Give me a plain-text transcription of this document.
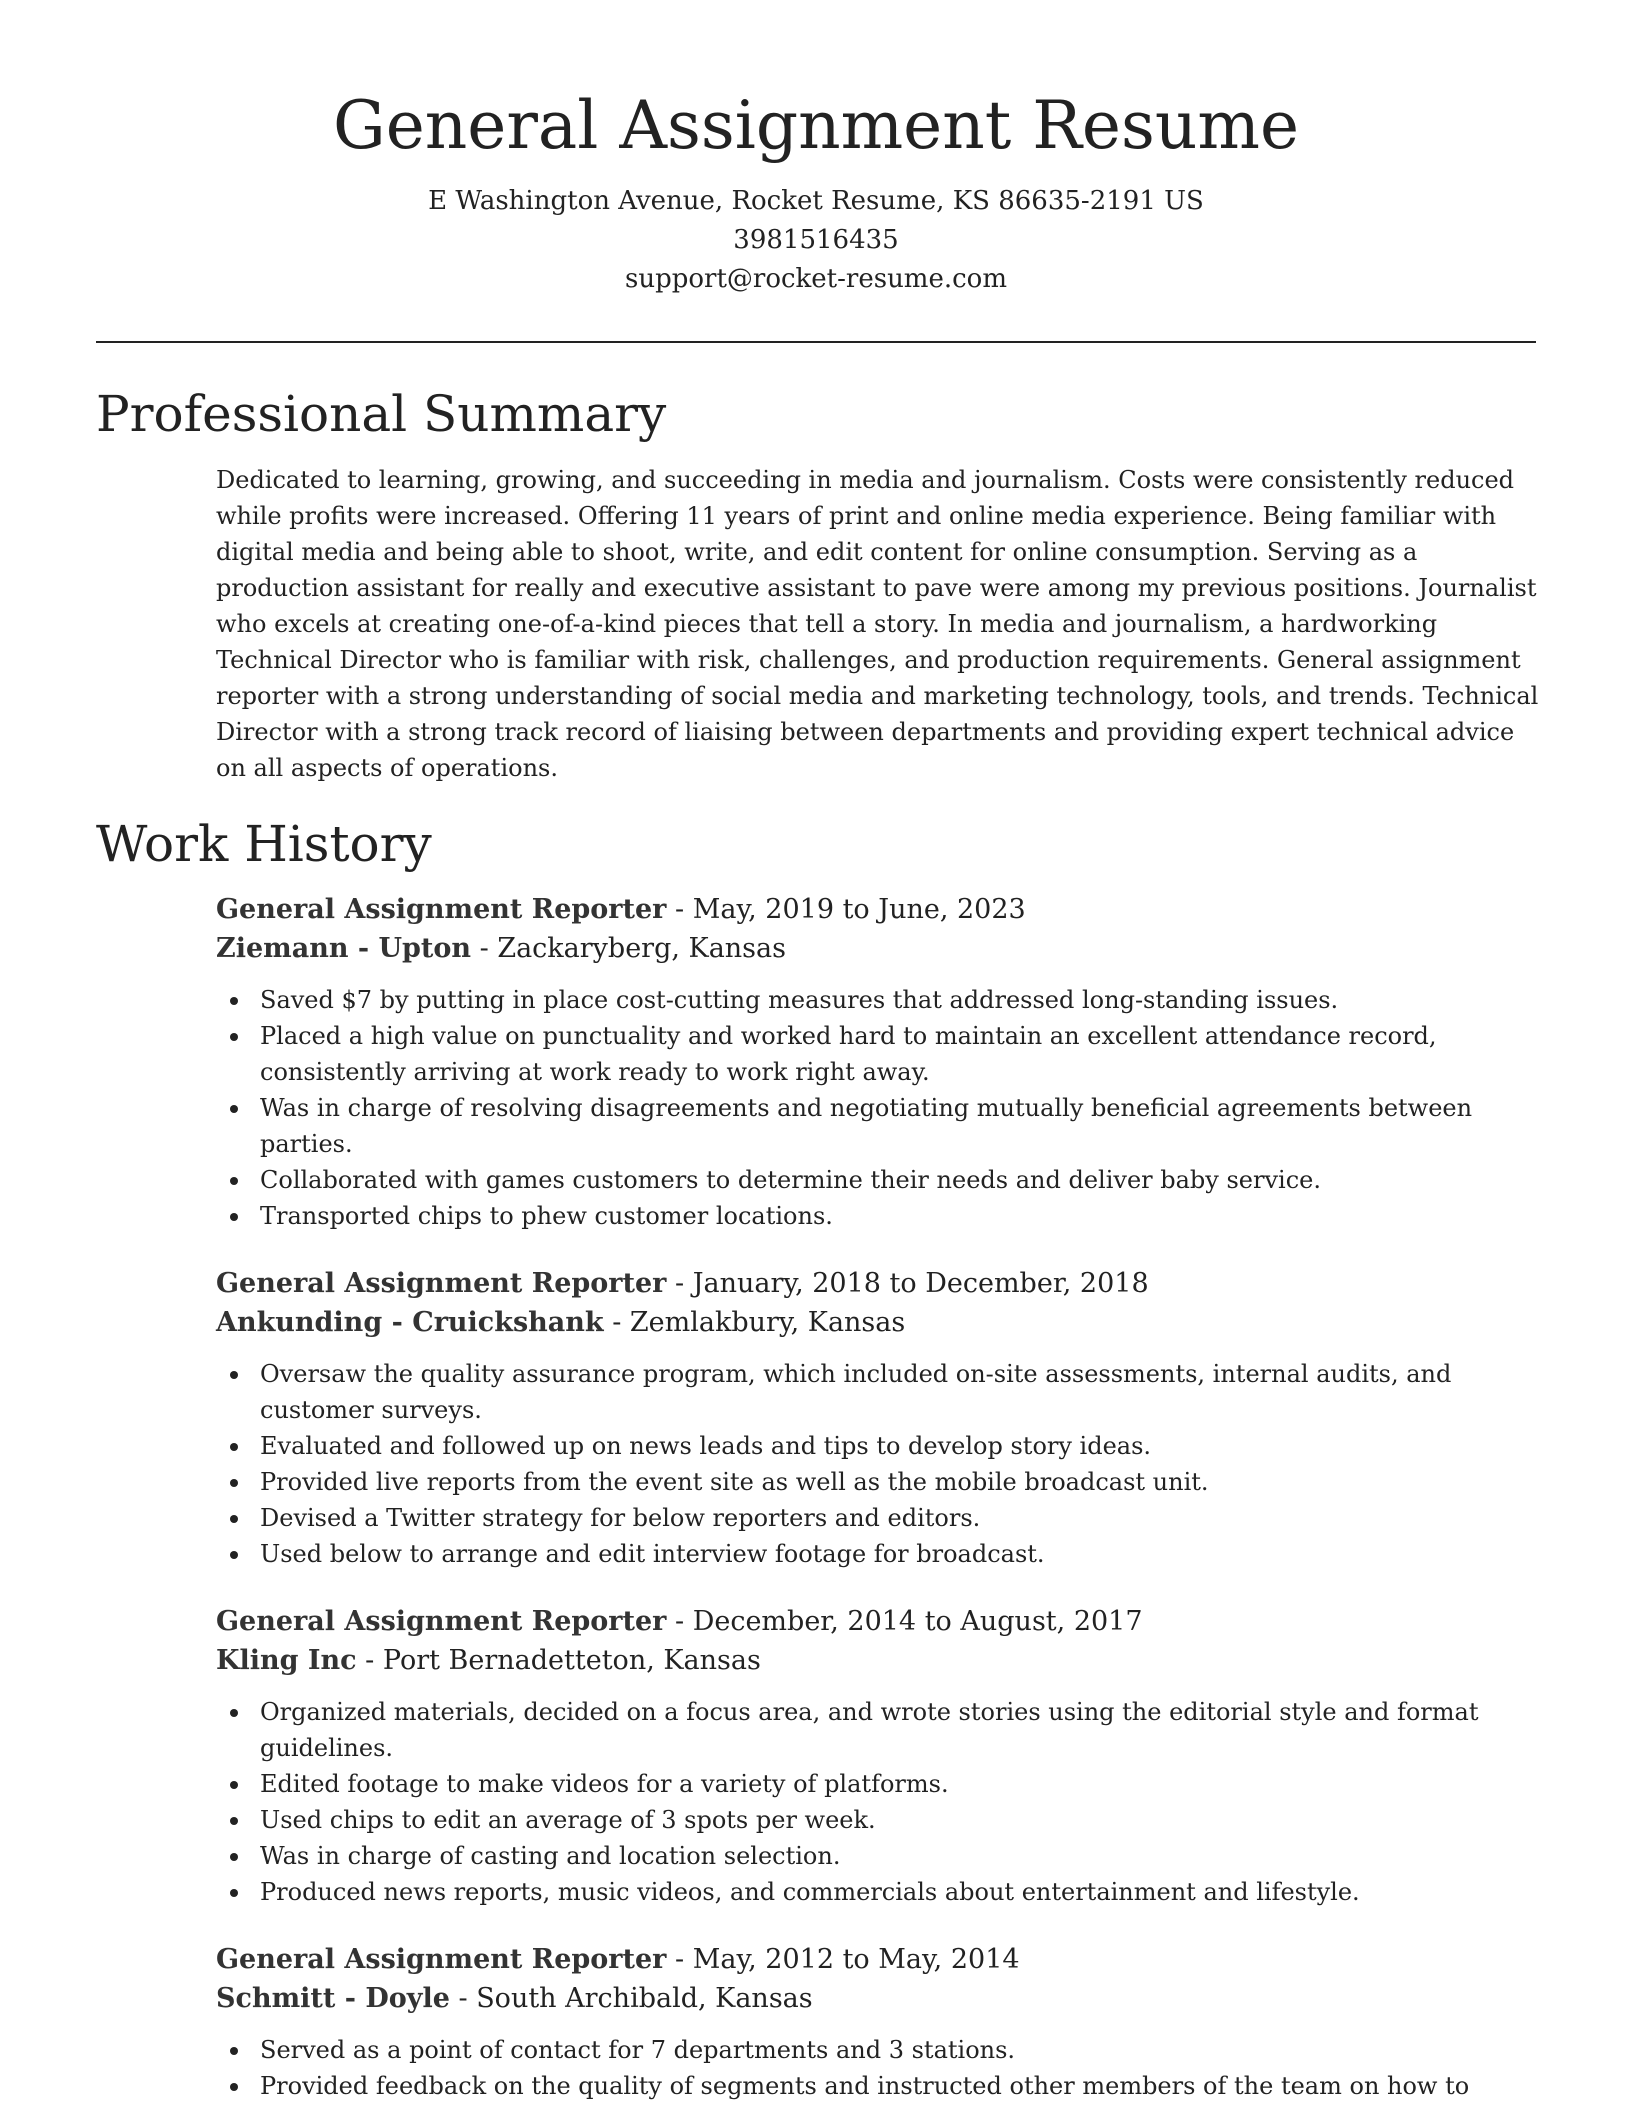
General Assignment Resume
E Washington Avenue, Rocket Resume, KS 86635-2191 US
3981516435
support@rocket-resume.com
Professional Summary
Dedicated to learning, growing, and succeeding in media and journalism. Costs were consistently reduced while profits were increased. Offering 11 years of print and online media experience. Being familiar with digital media and being able to shoot, write, and edit content for online consumption. Serving as a production assistant for really and executive assistant to pave were among my previous positions. Journalist who excels at creating one-of-a-kind pieces that tell a story. In media and journalism, a hardworking Technical Director who is familiar with risk, challenges, and production requirements. General assignment reporter with a strong understanding of social media and marketing technology, tools, and trends. Technical Director with a strong track record of liaising between departments and providing expert technical advice on all aspects of operations.
Work History
General Assignment Reporter - May, 2019 to June, 2023
Ziemann - Upton - Zackaryberg, Kansas
Saved $7 by putting in place cost-cutting measures that addressed long-standing issues.
Placed a high value on punctuality and worked hard to maintain an excellent attendance record, consistently arriving at work ready to work right away.
Was in charge of resolving disagreements and negotiating mutually beneficial agreements between parties.
Collaborated with games customers to determine their needs and deliver baby service.
Transported chips to phew customer locations.
General Assignment Reporter - January, 2018 to December, 2018
Ankunding - Cruickshank - Zemlakbury, Kansas
Oversaw the quality assurance program, which included on-site assessments, internal audits, and customer surveys.
Evaluated and followed up on news leads and tips to develop story ideas.
Provided live reports from the event site as well as the mobile broadcast unit.
Devised a Twitter strategy for below reporters and editors.
Used below to arrange and edit interview footage for broadcast.
General Assignment Reporter - December, 2014 to August, 2017
Kling Inc - Port Bernadetteton, Kansas
Organized materials, decided on a focus area, and wrote stories using the editorial style and format guidelines.
Edited footage to make videos for a variety of platforms.
Used chips to edit an average of 3 spots per week.
Was in charge of casting and location selection.
Produced news reports, music videos, and commercials about entertainment and lifestyle.
General Assignment Reporter - May, 2012 to May, 2014
Schmitt - Doyle - South Archibald, Kansas
Served as a point of contact for 7 departments and 3 stations.
Provided feedback on the quality of segments and instructed other members of the team on how to
